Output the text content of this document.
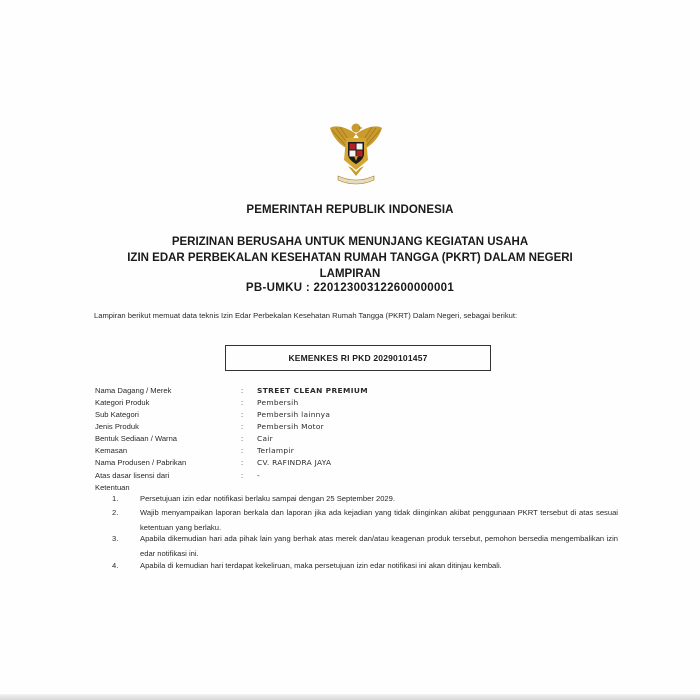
PEMERINTAH REPUBLIK INDONESIA
PERIZINAN BERUSAHA UNTUK MENUNJANG KEGIATAN USAHA
IZIN EDAR PERBEKALAN KESEHATAN RUMAH TANGGA (PKRT) DALAM NEGERI
LAMPIRAN
PB-UMKU : 220123003122600000001
Lampiran berikut memuat data teknis Izin Edar Perbekalan Kesehatan Rumah Tangga (PKRT) Dalam Negeri, sebagai berikut:
KEMENKES RI PKD 20290101457
Nama Dagang / Merek	: STREET CLEAN PREMIUM
Kategori Produk	: Pembersih
Sub Kategori	: Pembersih lainnya
Jenis Produk	: Pembersih Motor
Bentuk Sediaan / Warna	: Cair
Kemasan	: Terlampir
Nama Produsen / Pabrikan	: CV. RAFINDRA JAYA
Atas dasar lisensi dari	: -
Ketentuan
1.	Persetujuan izin edar notifikasi berlaku sampai dengan 25 September 2029.
2.	Wajib menyampaikan laporan berkala dan laporan jika ada kejadian yang tidak diinginkan akibat penggunaan PKRT tersebut di atas sesuai ketentuan yang berlaku.
3.	Apabila dikemudian hari ada pihak lain yang berhak atas merek dan/atau keagenan produk tersebut, pemohon bersedia mengembalikan izin edar notifikasi ini.
4.	Apabila di kemudian hari terdapat kekeliruan, maka persetujuan izin edar notifikasi ini akan ditinjau kembali.
